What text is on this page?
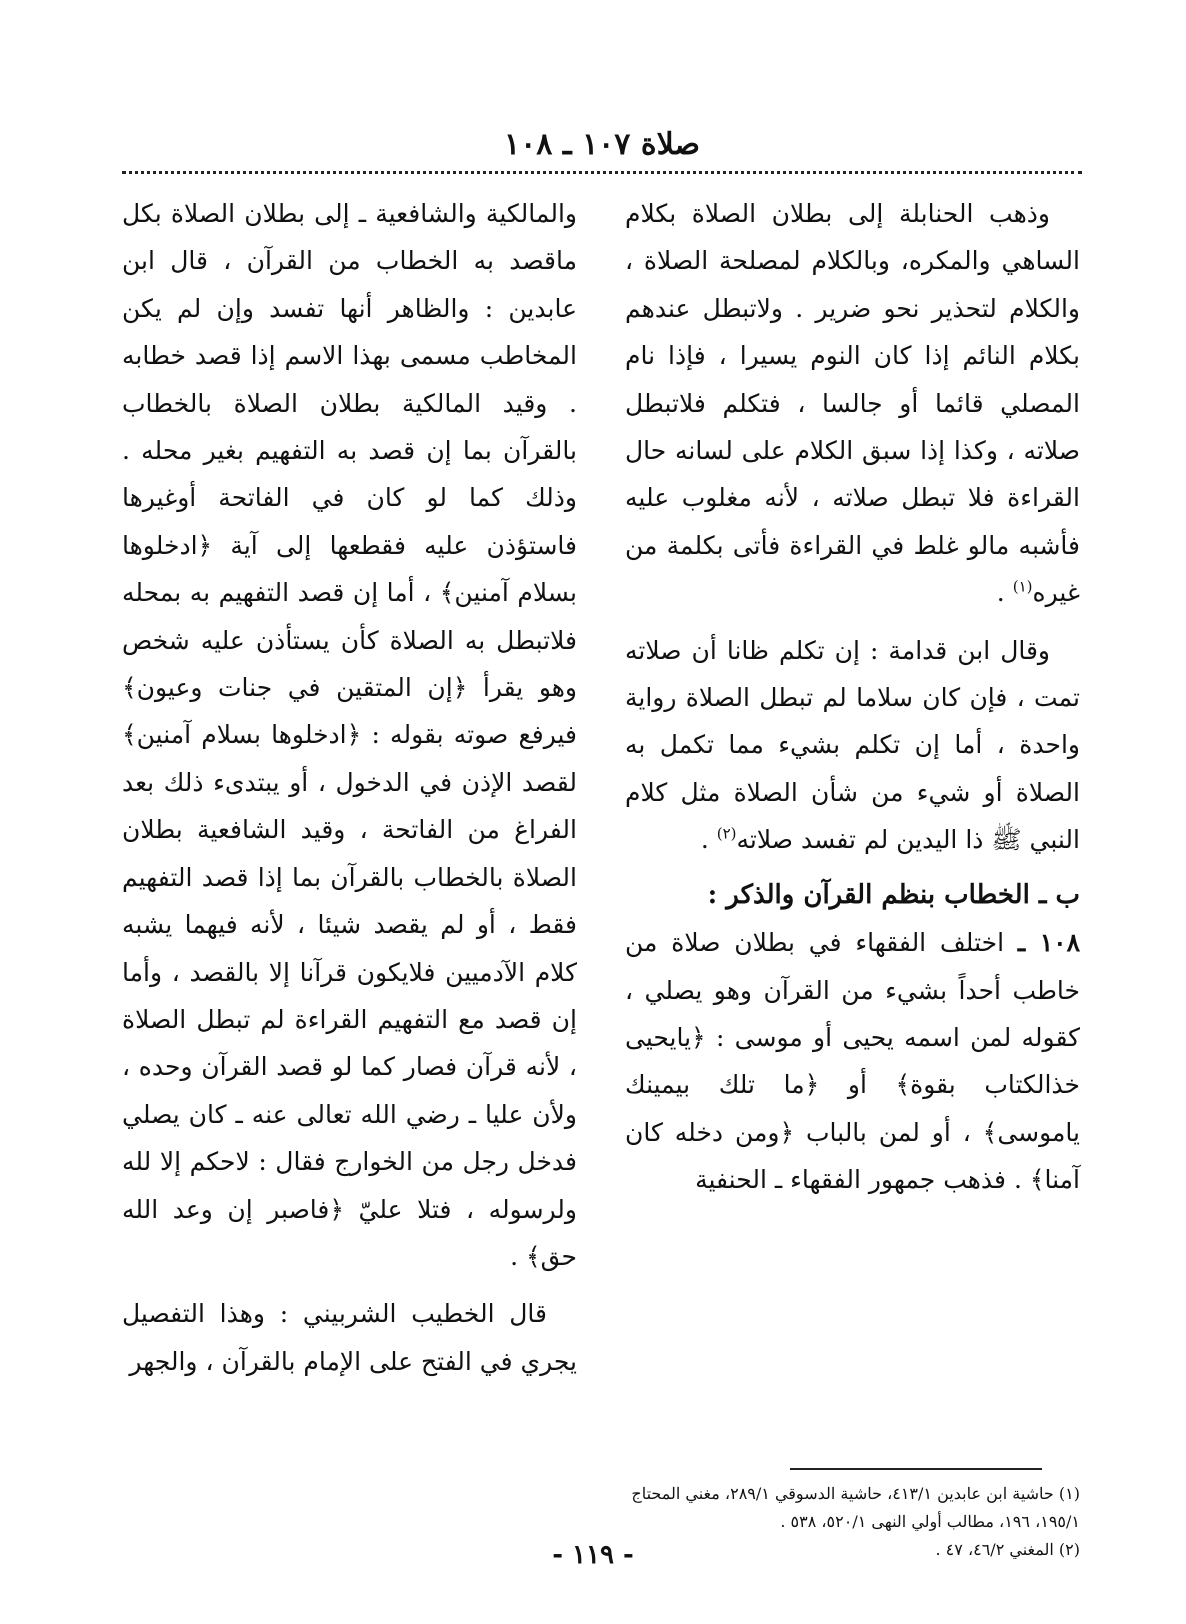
صلاة ١٠٧ ـ ١٠٨

وذهب الحنابلة إلى بطلان الصلاة بكلام الساهي والمكره، وبالكلام لمصلحة الصلاة ، والكلام لتحذير نحو ضرير . ولاتبطل عندهم بكلام النائم إذا كان النوم يسيرا ، فإذا نام المصلي قائما أو جالسا ، فتكلم فلاتبطل صلاته ، وكذا إذا سبق الكلام على لسانه حال القراءة فلا تبطل صلاته ، لأنه مغلوب عليه فأشبه مالو غلط في القراءة فأتى بكلمة من غيره$^{(١)}$ .

وقال ابن قدامة : إن تكلم ظانا أن صلاته تمت ، فإن كان سلاما لم تبطل الصلاة رواية واحدة ، أما إن تكلم بشيء مما تكمل به الصلاة أو شيء من شأن الصلاة مثل كلام النبي ﷺ ذا اليدين لم تفسد صلاته$^{(٢)}$ .

ب ـ الخطاب بنظم القرآن والذكر :

١٠٨ ـ اختلف الفقهاء في بطلان صلاة من خاطب أحداً بشيء من القرآن وهو يصلي ، كقوله لمن اسمه يحيى أو موسى : ﴿يايحيى خذالكتاب بقوة﴾ أو ﴿ما تلك بيمينك ياموسى﴾ ، أو لمن بالباب ﴿ومن دخله كان آمنا﴾ . فذهب جمهور الفقهاء ـ الحنفية

والمالكية والشافعية ـ إلى بطلان الصلاة بكل ماقصد به الخطاب من القرآن ، قال ابن عابدين : والظاهر أنها تفسد وإن لم يكن المخاطب مسمى بهذا الاسم إذا قصد خطابه . وقيد المالكية بطلان الصلاة بالخطاب بالقرآن بما إن قصد به التفهيم بغير محله . وذلك كما لو كان في الفاتحة أوغيرها فاستؤذن عليه فقطعها إلى آية ﴿ادخلوها بسلام آمنين﴾ ، أما إن قصد التفهيم به بمحله فلاتبطل به الصلاة كأن يستأذن عليه شخص وهو يقرأ ﴿إن المتقين في جنات وعيون﴾ فيرفع صوته بقوله : ﴿ادخلوها بسلام آمنين﴾ لقصد الإذن في الدخول ، أو يبتدىء ذلك بعد الفراغ من الفاتحة ، وقيد الشافعية بطلان الصلاة بالخطاب بالقرآن بما إذا قصد التفهيم فقط ، أو لم يقصد شيئا ، لأنه فيهما يشبه كلام الآدميين فلايكون قرآنا إلا بالقصد ، وأما إن قصد مع التفهيم القراءة لم تبطل الصلاة ، لأنه قرآن فصار كما لو قصد القرآن وحده ، ولأن عليا ـ رضي الله تعالى عنه ـ كان يصلي فدخل رجل من الخوارج فقال : لاحكم إلا لله ولرسوله ، فتلا عليّ ﴿فاصبر إن وعد الله حق﴾ .

قال الخطيب الشربيني : وهذا التفصيل يجري في الفتح على الإمام بالقرآن ، والجهر

(١) حاشية ابن عابدين ٤١٣/١، حاشية الدسوقي ٢٨٩/١، مغني المحتاج ١٩٥/١، ١٩٦، مطالب أولي النهى ٥٢٠/١، ٥٣٨ .

(٢) المغني ٤٦/٢، ٤٧ .

- ١١٩ -
